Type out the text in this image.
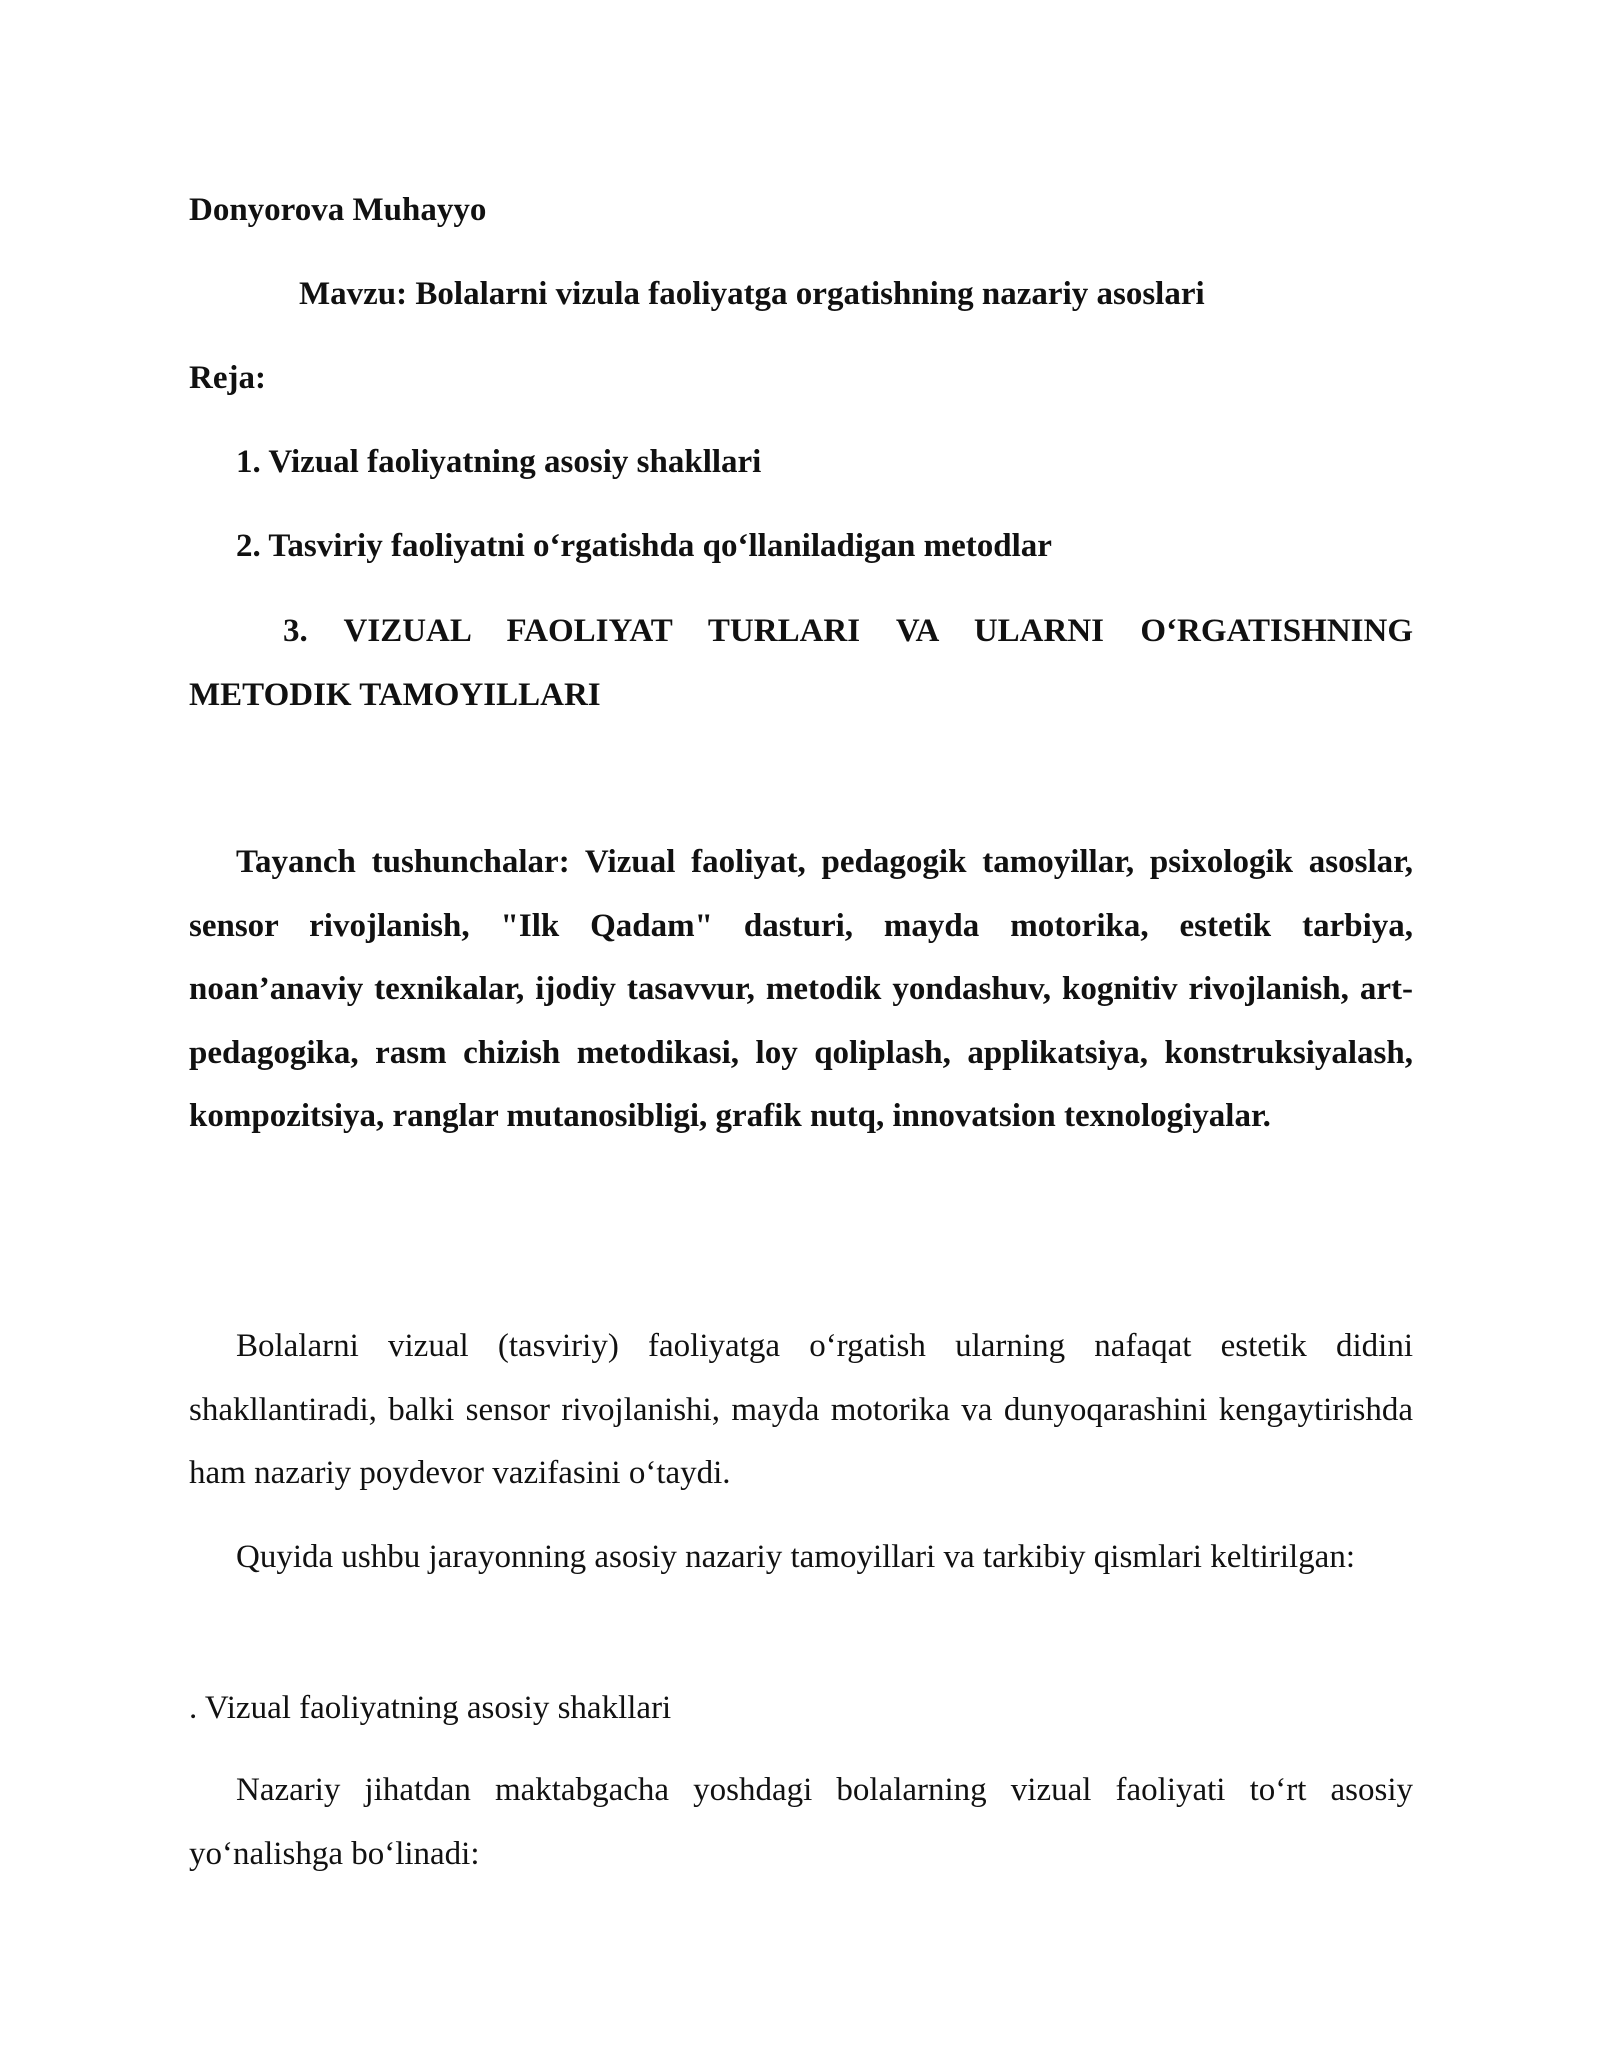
Donyorova Muhayyo
Mavzu: Bolalarni vizula faoliyatga orgatishning nazariy asoslari
Reja:
1. Vizual faoliyatning asosiy shakllari
2. Tasviriy faoliyatni o‘rgatishda qo‘llaniladigan metodlar
3. VIZUAL FAOLIYAT TURLARI VA ULARNI O‘RGATISHNING METODIK TAMOYILLARI
Tayanch tushunchalar: Vizual faoliyat, pedagogik tamoyillar, psixologik asoslar, sensor rivojlanish, "Ilk Qadam" dasturi, mayda motorika, estetik tarbiya, noan’anaviy texnikalar, ijodiy tasavvur, metodik yondashuv, kognitiv rivojlanish, art-pedagogika, rasm chizish metodikasi, loy qoliplash, applikatsiya, konstruksiyalash, kompozitsiya, ranglar mutanosibligi, grafik nutq, innovatsion texnologiyalar.
Bolalarni vizual (tasviriy) faoliyatga o‘rgatish ularning nafaqat estetik didini shakllantiradi, balki sensor rivojlanishi, mayda motorika va dunyoqarashini kengaytirishda ham nazariy poydevor vazifasini o‘taydi.
Quyida ushbu jarayonning asosiy nazariy tamoyillari va tarkibiy qismlari keltirilgan:
. Vizual faoliyatning asosiy shakllari
Nazariy jihatdan maktabgacha yoshdagi bolalarning vizual faoliyati to‘rt asosiy yo‘nalishga bo‘linadi:
